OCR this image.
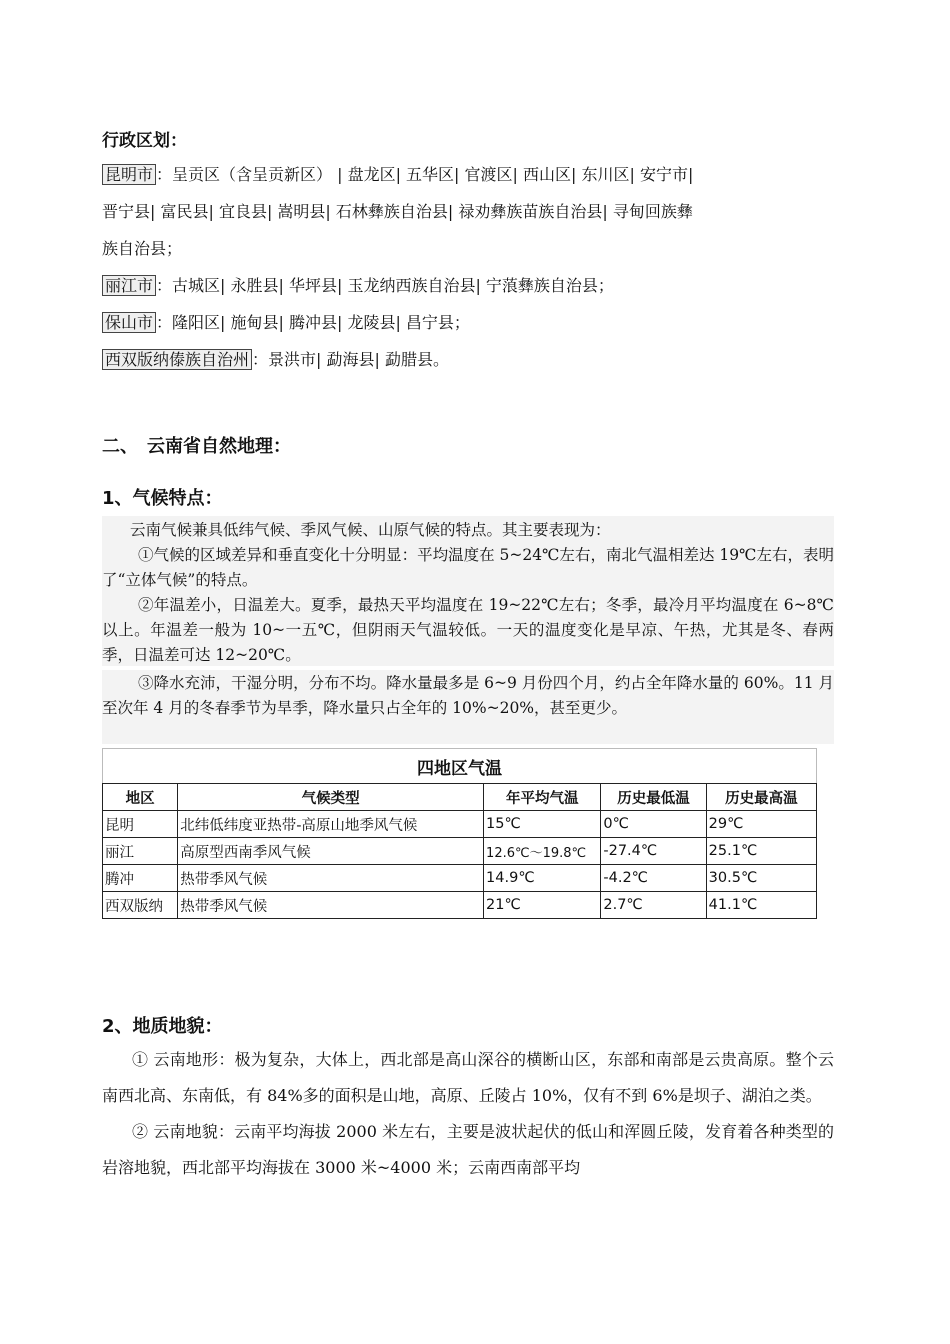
行政区划：
昆明市 ：呈贡区（含呈贡新区） | 盘龙区| 五华区| 官渡区| 西山区| 东川区| 安宁市|
晋宁县| 富民县| 宜良县| 嵩明县| 石林彝族自治县| 禄劝彝族苗族自治县| 寻甸回族彝
族自治县；
丽江市 ：古城区| 永胜县| 华坪县| 玉龙纳西族自治县| 宁蒗彝族自治县；
保山市 ：隆阳区| 施甸县| 腾冲县| 龙陵县| 昌宁县；
西双版纳傣族自治州 ：景洪市| 勐海县| 勐腊县。
二、　云南省自然地理：
1、气候特点：

云南气候兼具低纬气候、季风气候、山原气候的特点。其主要表现为：

①气候的区域差异和垂直变化十分明显：平均温度在 5~24℃左右，南北气温相差达 19℃左右，表明了“立体气候”的特点。

②年温差小，日温差大。夏季，最热天平均温度在 19~22℃左右；冬季，最冷月平均温度在 6~8℃以上。年温差一般为 10~一五℃，但阴雨天气温较低。一天的温度变化是早凉、午热，尤其是冬、春两季，日温差可达 12~20℃。

③降水充沛，干湿分明，分布不均。降水量最多是 6~9 月份四个月，约占全年降水量的 60%。11 月至次年 4 月的冬春季节为旱季，降水量只占全年的 10%~20%，甚至更少。

四地区气温				
地区	气候类型	年平均气温	历史最低温	历史最高温
昆明	北纬低纬度亚热带-高原山地季风气候	15℃	0℃	29℃
丽江	高原型西南季风气候	12.6℃～19.8℃	-27.4℃	25.1℃
腾冲	热带季风气候	14.9℃	-4.2℃	30.5℃
西双版纳	热带季风气候	21℃	2.7℃	41.1℃
2、地质地貌：

① 云南地形：极为复杂，大体上，西北部是高山深谷的横断山区，东部和南部是云贵高原。整个云南西北高、东南低，有 84%多的面积是山地，高原、丘陵占 10%，仅有不到 6%是坝子、湖泊之类。

② 云南地貌：云南平均海拔 2000 米左右，主要是波状起伏的低山和浑圆丘陵，发育着各种类型的岩溶地貌，西北部平均海拔在 3000 米~4000 米；云南西南部平均
